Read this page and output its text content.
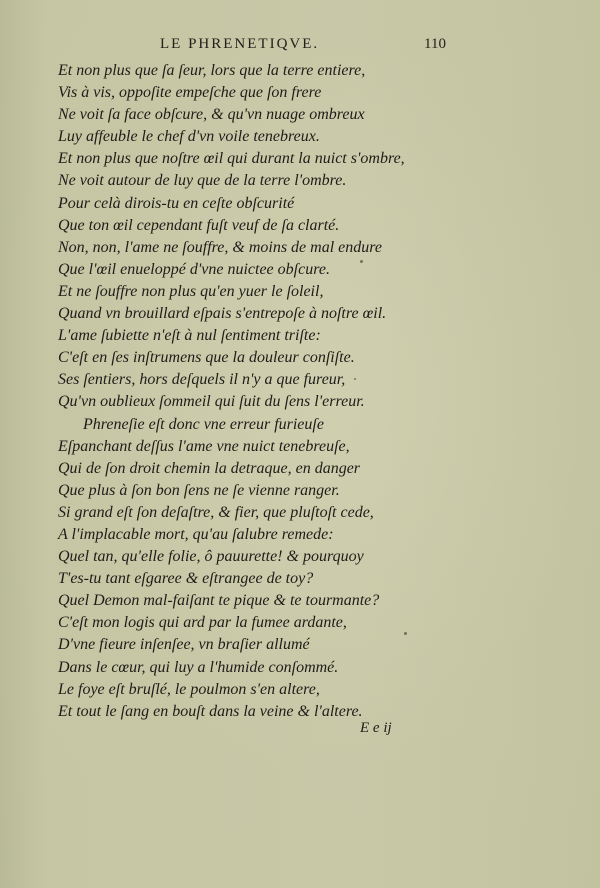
LE PHRENETIQVE.	110
Et non plus que ſa ſeur, lors que la terre entiere,
Vis à vis, oppoſite empeſche que ſon frere
Ne voit ſa face obſcure, & qu'vn nuage ombreux
Luy affeuble le chef d'vn voile tenebreux.
Et non plus que noſtre œil qui durant la nuict s'ombre,
Ne voit autour de luy que de la terre l'ombre.
Pour celà dirois-tu en ceſte obſcurité
Que ton œil cependant fuſt veuf de ſa clarté.
Non, non, l'ame ne ſouffre, & moins de mal endure
Que l'œil enueloppé d'vne nuictee obſcure.
Et ne ſouffre non plus qu'en yuer le ſoleil,
Quand vn brouillard eſpais s'entrepoſe à noſtre œil.
L'ame ſubiette n'eſt à nul ſentiment triſte:
C'eſt en ſes inſtrumens que la douleur conſiſte.
Ses ſentiers, hors deſquels il n'y a que fureur,
Qu'vn oublieux ſommeil qui ſuit du ſens l'erreur.
Phreneſie eſt donc vne erreur furieuſe
Eſpanchant deſſus l'ame vne nuict tenebreuſe,
Qui de ſon droit chemin la detraque, en danger
Que plus à ſon bon ſens ne ſe vienne ranger.
Si grand eſt ſon deſaſtre, & fier, que pluſtoſt cede,
A l'implacable mort, qu'au ſalubre remede:
Quel tan, qu'elle folie, ô pauurette! & pourquoy
T'es-tu tant eſgaree & eſtrangee de toy?
Quel Demon mal-faiſant te pique & te tourmante?
C'eſt mon logis qui ard par la fumee ardante,
D'vne fieure inſenſee, vn braſier allumé
Dans le cœur, qui luy a l'humide conſommé.
Le foye eſt bruſlé, le poulmon s'en altere,
Et tout le ſang en bouſt dans la veine & l'altere.
E e ij
